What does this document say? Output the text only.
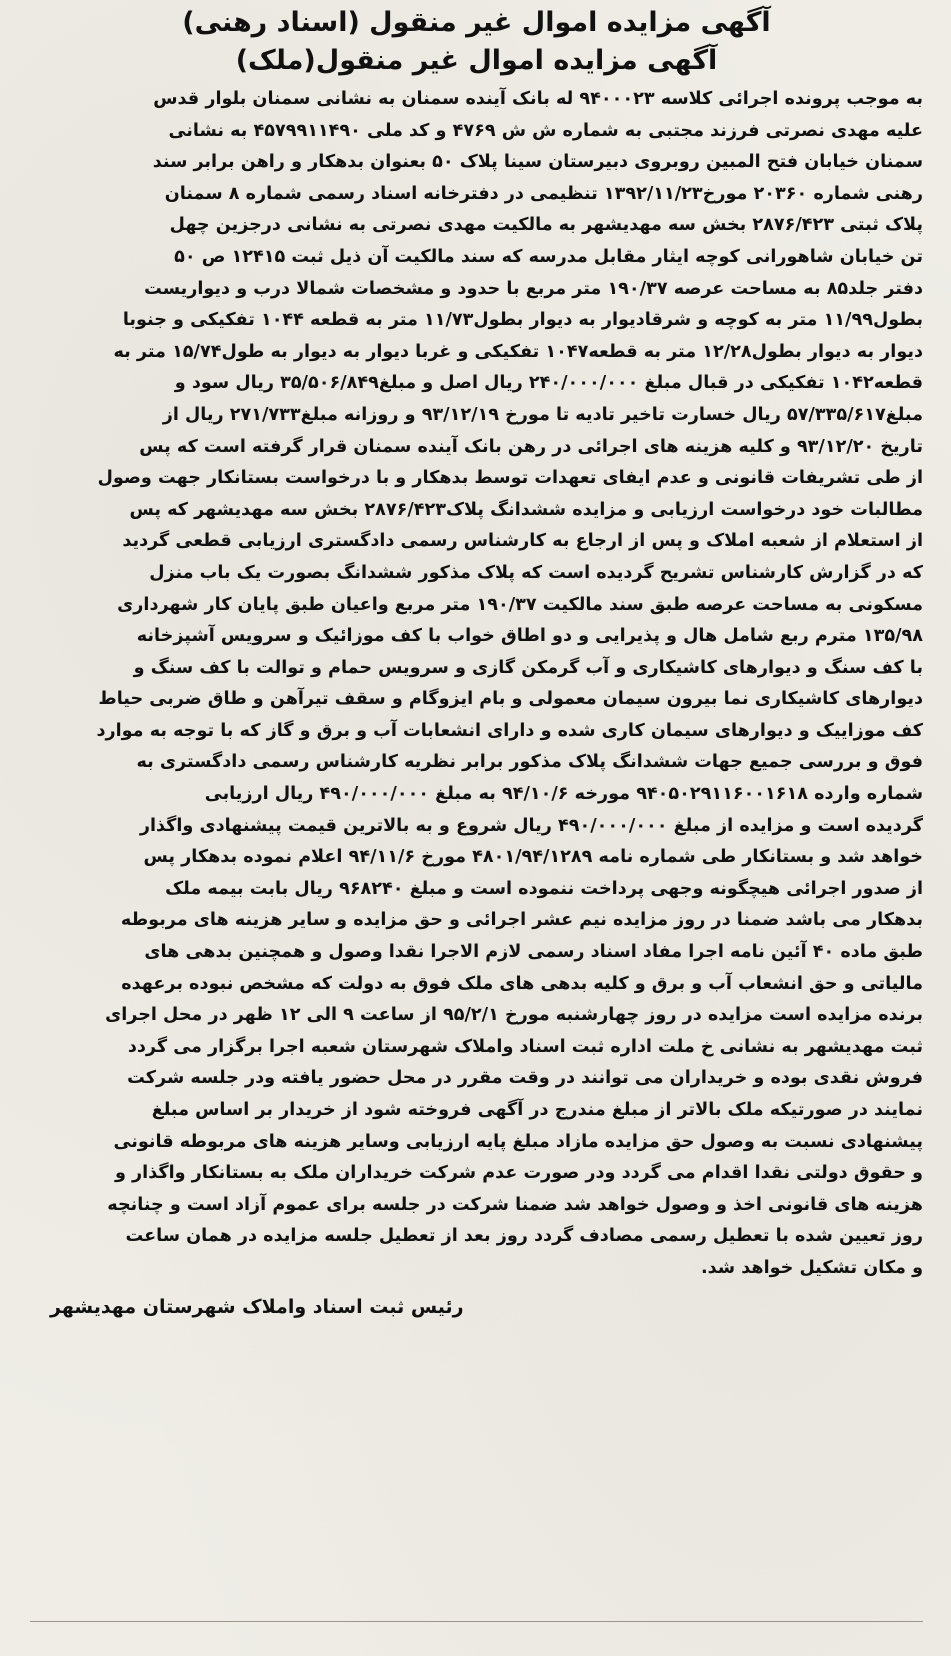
آگهی مزایده اموال غیر منقول (اسناد رهنی)
آگهی مزایده اموال غیر منقول(ملک)
به موجب پرونده اجرائی کلاسه ۹۴۰۰۰۲۳ له بانک آینده سمنان به نشانی سمنان بلوار قدس
علیه مهدی نصرتی فرزند مجتبی به شماره ش ش ۴۷۶۹ و کد ملی ۴۵۷۹۹۱۱۴۹۰ به نشانی
سمنان خیابان فتح المبین روبروی دبیرستان سینا پلاک ۵۰ بعنوان بدهکار و راهن برابر سند
رهنی شماره ۲۰۳۶۰ مورخ۱۳۹۲/۱۱/۲۳ تنظیمی در دفترخانه اسناد رسمی شماره ۸ سمنان
پلاک ثبتی ۲۸۷۶/۴۲۳ بخش سه مهدیشهر به مالکیت مهدی نصرتی به نشانی درجزین چهل
تن خیابان شاهورانی کوچه ایثار مقابل مدرسه که سند مالکیت آن ذیل ثبت ۱۲۴۱۵ ص ۵۰
دفتر جلد۸۵ به مساحت عرصه ۱۹۰/۳۷ متر مربع با حدود و مشخصات شمالا درب و دیواریست
بطول۱۱/۹۹ متر به کوچه و شرقادیوار به دیوار بطول۱۱/۷۳ متر به قطعه ۱۰۴۴ تفکیکی و جنوبا
دیوار به دیوار بطول۱۲/۲۸ متر به قطعه۱۰۴۷ تفکیکی و غربا دیوار به دیوار به طول۱۵/۷۴ متر به
قطعه۱۰۴۲ تفکیکی در قبال مبلغ ۲۴۰/۰۰۰/۰۰۰ ریال اصل و مبلغ۳۵/۵۰۶/۸۴۹ ریال سود و
مبلغ۵۷/۳۳۵/۶۱۷ ریال خسارت تاخیر تادیه تا مورخ ۹۳/۱۲/۱۹ و روزانه مبلغ۲۷۱/۷۳۳ ریال از
تاریخ ۹۳/۱۲/۲۰ و کلیه هزینه های اجرائی در رهن بانک آینده سمنان قرار گرفته است که پس
از طی تشریفات قانونی و عدم ایفای تعهدات توسط بدهکار و با درخواست بستانکار جهت وصول
مطالبات خود درخواست ارزیابی و مزایده ششدانگ پلاک۲۸۷۶/۴۲۳ بخش سه مهدیشهر که پس
از استعلام از شعبه املاک و پس از ارجاع به کارشناس رسمی دادگستری ارزیابی قطعی گردید
که در گزارش کارشناس تشریح گردیده است که پلاک مذکور ششدانگ بصورت یک باب منزل
مسکونی به مساحت عرصه طبق سند مالکیت ۱۹۰/۳۷ متر مربع واعیان طبق پایان کار شهرداری
۱۳۵/۹۸ مترم ربع شامل هال و پذیرایی و دو اطاق خواب با کف موزائیک و سرویس آشپزخانه
با کف سنگ و دیوارهای کاشیکاری و آب گرمکن گازی و سرویس حمام و توالت با کف سنگ و
دیوارهای کاشیکاری نما بیرون سیمان معمولی و بام ایزوگام و سقف تیرآهن و طاق ضربی حیاط
کف موزاییک و دیوارهای سیمان کاری شده و دارای انشعابات آب و برق و گاز که با توجه به موارد
فوق و بررسی جمیع جهات ششدانگ پلاک مذکور برابر نظریه کارشناس رسمی دادگستری به
شماره وارده ۹۴۰۵۰۲۹۱۱۶۰۰۱۶۱۸ مورخه ۹۴/۱۰/۶ به مبلغ ۴۹۰/۰۰۰/۰۰۰ ریال ارزیابی
گردیده است و مزایده از مبلغ ۴۹۰/۰۰۰/۰۰۰ ریال شروع و به بالاترین قیمت پیشنهادی واگذار
خواهد شد و بستانکار طی شماره نامه ۴۸۰۱/۹۴/۱۲۸۹ مورخ ۹۴/۱۱/۶ اعلام نموده بدهکار پس
از صدور اجرائی هیچگونه وجهی پرداخت ننموده است و مبلغ ۹۶۸۲۴۰ ریال بابت بیمه ملک
بدهکار می باشد ضمنا در روز مزایده نیم عشر اجرائی و حق مزایده و سایر هزینه های مربوطه
طبق ماده ۴۰ آئین نامه اجرا مفاد اسناد رسمی لازم الاجرا نقدا وصول و همچنین بدهی های
مالیاتی و حق انشعاب آب و برق و کلیه بدهی های ملک فوق به دولت که مشخص نبوده برعهده
برنده مزایده است مزایده در روز چهارشنبه مورخ ۹۵/۲/۱ از ساعت ۹ الی ۱۲ ظهر در محل اجرای
ثبت مهدیشهر به نشانی خ ملت اداره ثبت اسناد واملاک شهرستان شعبه اجرا برگزار می گردد
فروش نقدی بوده و خریداران می توانند در وقت مقرر در محل حضور یافته ودر جلسه شرکت
نمایند در صورتیکه ملک بالاتر از مبلغ مندرج در آگهی فروخته شود از خریدار بر اساس مبلغ
پیشنهادی نسبت به وصول حق مزایده مازاد مبلغ پایه ارزیابی وسایر هزینه های مربوطه قانونی
و حقوق دولتی نقدا اقدام می گردد ودر صورت عدم شرکت خریداران ملک به بستانکار واگذار و
هزینه های قانونی اخذ و وصول خواهد شد ضمنا شرکت در جلسه برای عموم آزاد است و چنانچه
روز تعیین شده با تعطیل رسمی مصادف گردد روز بعد از تعطیل جلسه مزایده در همان ساعت
و مکان تشکیل خواهد شد.
رئیس ثبت اسناد واملاک شهرستان مهدیشهر
